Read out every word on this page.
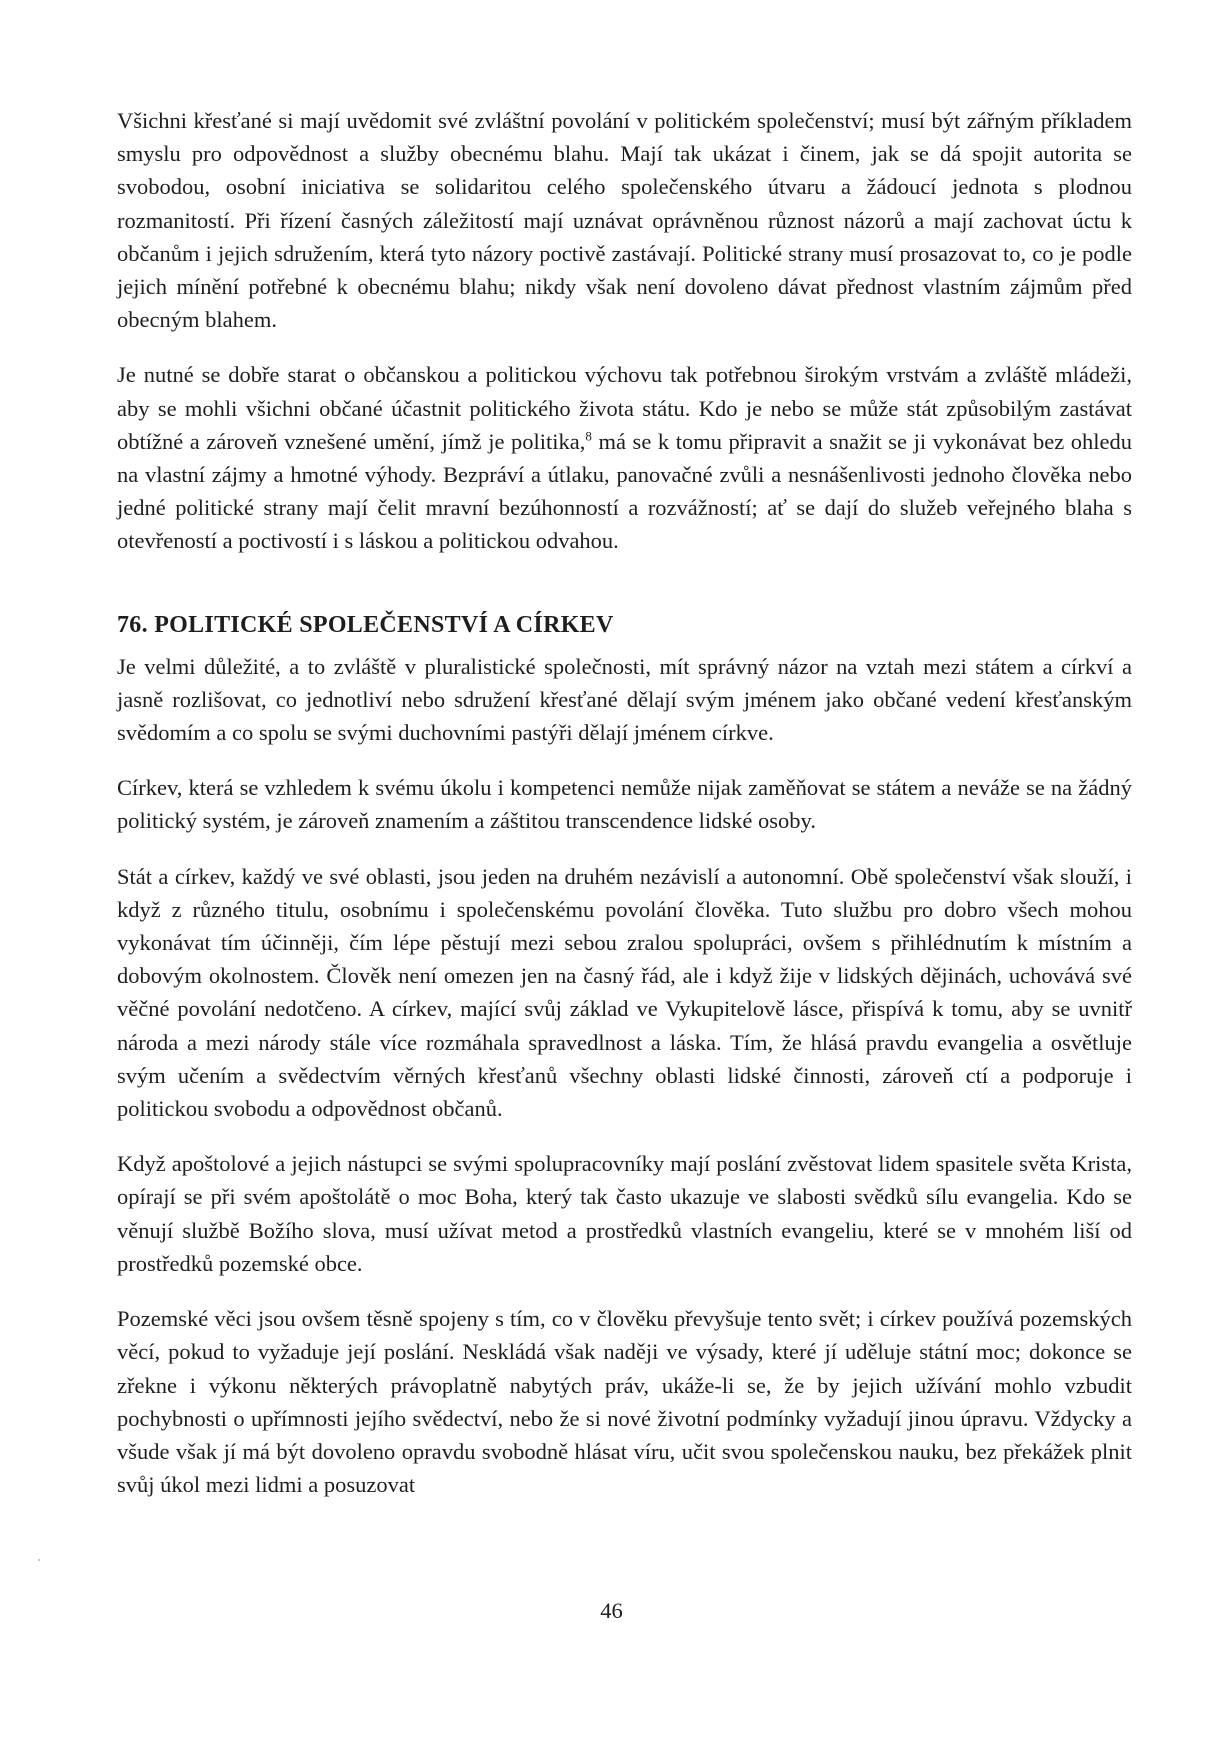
Všichni křesťané si mají uvědomit své zvláštní povolání v politickém společenství; musí být zářným příkladem smyslu pro odpovědnost a služby obecnému blahu. Mají tak ukázat i činem, jak se dá spojit autorita se svobodou, osobní iniciativa se solidaritou celého společenského útvaru a žádoucí jednota s plodnou rozmanitostí. Při řízení časných záležitostí mají uznávat oprávněnou různost názorů a mají zachovat úctu k občanům i jejich sdružením, která tyto názory poctivě zastávají. Politické strany musí prosazovat to, co je podle jejich mínění potřebné k obecnému blahu; nikdy však není dovoleno dávat přednost vlastním zájmům před obecným blahem.

Je nutné se dobře starat o občanskou a politickou výchovu tak potřebnou širokým vrstvám a zvláště mládeži, aby se mohli všichni občané účastnit politického života státu. Kdo je nebo se může stát způsobilým zastávat obtížné a zároveň vznešené umění, jímž je politika,$^8$ má se k tomu připravit a snažit se ji vykonávat bez ohledu na vlastní zájmy a hmotné výhody. Bezpráví a útlaku, panovačné zvůli a nesnášenlivosti jednoho člověka nebo jedné politické strany mají čelit mravní bezúhonností a rozvážností; ať se dají do služeb veřejného blaha s otevřeností a poctivostí i s láskou a politickou odvahou.

76. POLITICKÉ SPOLEČENSTVÍ A CÍRKEV

Je velmi důležité, a to zvláště v pluralistické společnosti, mít správný názor na vztah mezi státem a církví a jasně rozlišovat, co jednotliví nebo sdružení křesťané dělají svým jménem jako občané vedení křesťanským svědomím a co spolu se svými duchovními pastýři dělají jménem církve.

Církev, která se vzhledem k svému úkolu i kompetenci nemůže nijak zaměňovat se státem a neváže se na žádný politický systém, je zároveň znamením a záštitou transcendence lidské osoby.

Stát a církev, každý ve své oblasti, jsou jeden na druhém nezávislí a autonomní. Obě společenství však slouží, i když z různého titulu, osobnímu i společenskému povolání člověka. Tuto službu pro dobro všech mohou vykonávat tím účinněji, čím lépe pěstují mezi sebou zralou spolupráci, ovšem s přihlédnutím k místním a dobovým okolnostem. Člověk není omezen jen na časný řád, ale i když žije v lidských dějinách, uchovává své věčné povolání nedotčeno. A církev, mající svůj základ ve Vykupitelově lásce, přispívá k tomu, aby se uvnitř národa a mezi národy stále více rozmáhala spravedlnost a láska. Tím, že hlásá pravdu evangelia a osvětluje svým učením a svědectvím věrných křesťanů všechny oblasti lidské činnosti, zároveň ctí a podporuje i politickou svobodu a odpovědnost občanů.

Když apoštolové a jejich nástupci se svými spolupracovníky mají poslání zvěstovat lidem spasitele světa Krista, opírají se při svém apoštolátě o moc Boha, který tak často ukazuje ve slabosti svědků sílu evangelia. Kdo se věnují službě Božího slova, musí užívat metod a prostředků vlastních evangeliu, které se v mnohém liší od prostředků pozemské obce.

Pozemské věci jsou ovšem těsně spojeny s tím, co v člověku převyšuje tento svět; i církev používá pozemských věcí, pokud to vyžaduje její poslání. Neskládá však naději ve výsady, které jí uděluje státní moc; dokonce se zřekne i výkonu některých právoplatně nabytých práv, ukáže-li se, že by jejich užívání mohlo vzbudit pochybnosti o upřímnosti jejího svědectví, nebo že si nové životní podmínky vyžadují jinou úpravu. Vždycky a všude však jí má být dovoleno opravdu svobodně hlásat víru, učit svou společenskou nauku, bez překážek plnit svůj úkol mezi lidmi a posuzovat

46
